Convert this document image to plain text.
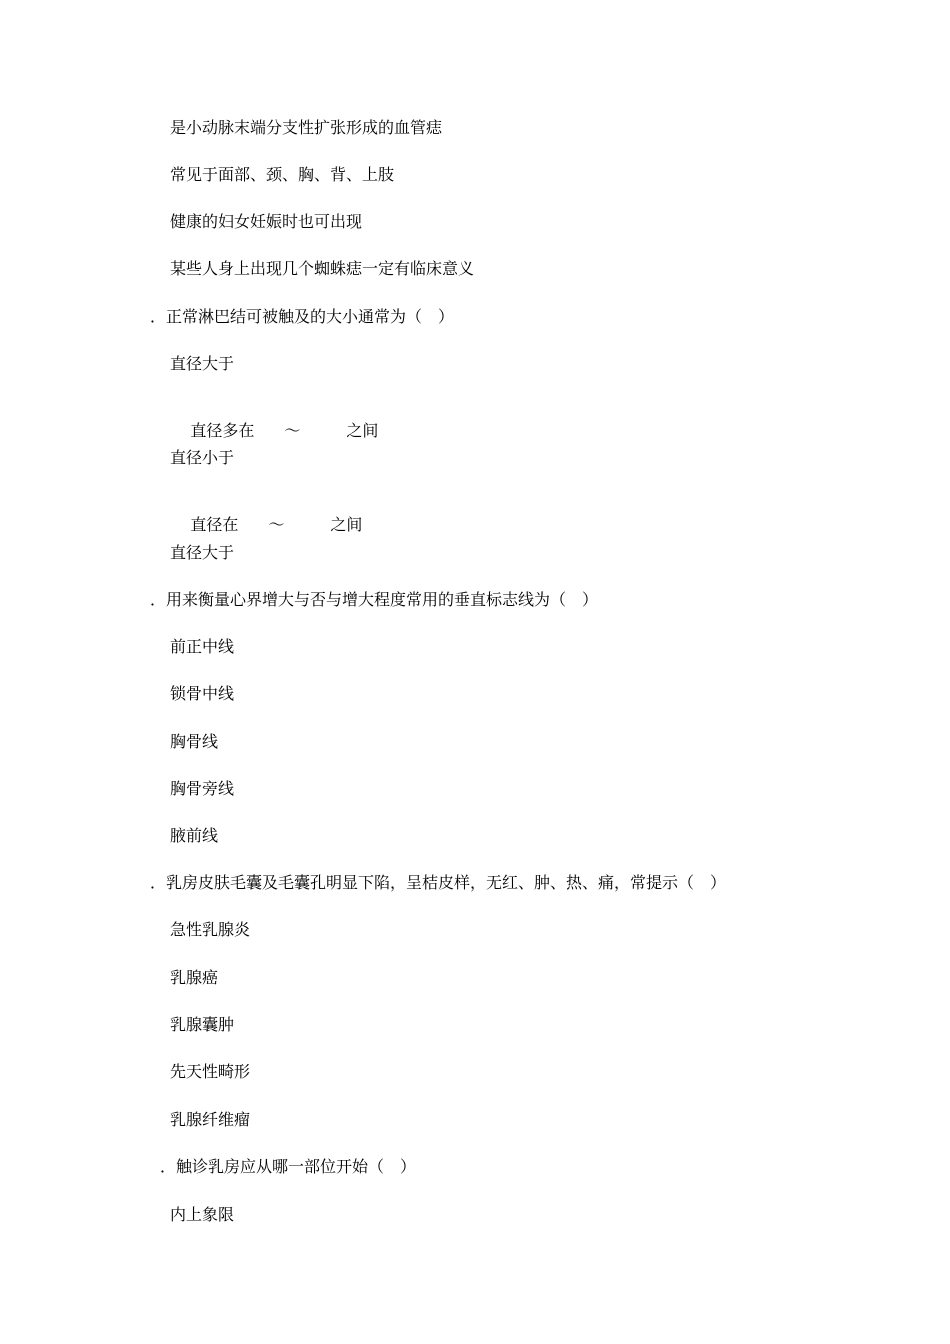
是小动脉末端分支性扩张形成的血管痣
常见于面部、颈、胸、背、上肢
健康的妇女妊娠时也可出现
某些人身上出现几个蜘蛛痣一定有临床意义
．正常淋巴结可被触及的大小通常为（　）
直径大于

直径多在 ～	之间

直径小于

直径在 ～	之间

直径大于
．用来衡量心界增大与否与增大程度常用的垂直标志线为（　）
前正中线
锁骨中线
胸骨线
胸骨旁线
腋前线
．乳房皮肤毛囊及毛囊孔明显下陷，呈桔皮样，无红、肿、热、痛，常提示（　）
急性乳腺炎
乳腺癌
乳腺囊肿
先天性畸形
乳腺纤维瘤
．触诊乳房应从哪一部位开始（　）
内上象限
